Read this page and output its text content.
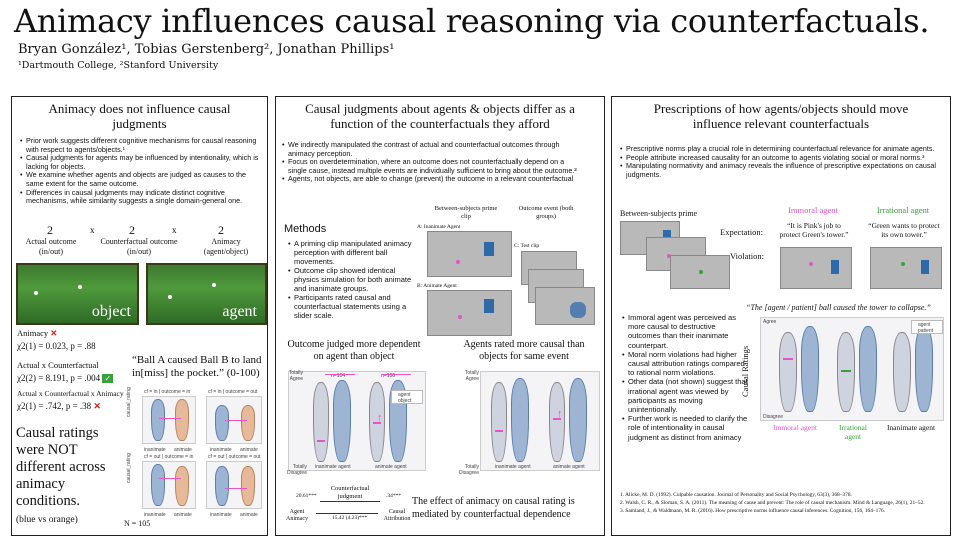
Animacy influences causal reasoning via counterfactuals.
Bryan González¹, Tobias Gerstenberg², Jonathan Phillips¹
¹Dartmouth College, ²Stanford University
Animacy does not influence causal judgments
• Prior work suggests different cognitive mechanisms for causal reasoning with respect to agents/objects.¹
• Causal judgments for agents may be influenced by intentionality, which is lacking for objects.
• We examine whether agents and objects are judged as causes to the same extent for the same outcome.
• Differences in causal judgments may indicate distinct cognitive mechanisms, while similarity suggests a single domain-general one.
2	x	2	x	2
Actual outcome (in/out)
Counterfactual outcome (in/out)
Animacy (agent/object)
object	agent
Animacy ✕
χ2(1) = 0.023, p = .88
Actual x Counterfactual
χ2(2) = 8.191, p = .004 ✓
Actual x Counterfactual x Animacy
χ2(1) = .742, p = .38 ✕
“Ball A caused Ball B to land in[miss] the pocket.” (0-100)
Causal ratings were NOT different across animacy conditions.
(blue vs orange)	N = 105
causal_rating
causal_rating
cf = in | outcome = in	cf = in | outcome = out
inanimate animate	inanimate animate
cf = out | outcome = in	cf = out | outcome = out
inanimate animate	inanimate animate
Causal judgments about agents & objects differ as a function of the counterfactuals they afford
• We indirectly manipulated the contrast of actual and counterfactual outcomes through animacy perception.
• Focus on overdetermination, where an outcome does not counterfactually depend on a single cause, instead multiple events are individually sufficient to bring about the outcome.²
• Agents, not objects, are able to change (prevent) the outcome in a relevant counterfactual
Methods
• A priming clip manipulated animacy perception with different ball movements.
• Outcome clip showed identical physics simulation for both animate and inanimate groups.
• Participants rated causal and counterfactual statements using a slider scale.
Between-subjects prime clip
Outcome event (both groups)
A: Inanimate Agent
B: Animate Agent
C: Test clip
Outcome judged more dependent on agent than object
Agents rated more causal than objects for same event
Totally Agree
Totally Disagree
n=104	n=106
↑
inanimate agent	animate agent
agent
object
Totally Agree
Totally Disagree
↑
inanimate agent	animate agent
Counterfactual judgment
Agent Animacy
Causal Attribution
20.61***	.34***
15.42 (4.23)***
The effect of animacy on causal rating is mediated by counterfactual dependence
Prescriptions of how agents/objects should move influence relevant counterfactuals
• Prescriptive norms play a crucial role in determining counterfactual relevance for animate agents.
• People attribute increased causality for an outcome to agents violating social or moral norms.³
• Manipulating normativity and animacy reveals the influence of prescriptive expectations on causal judgments.
Between-subjects prime	Immoral agent	Irrational agent
Expectation:
Violation:
“It is Pink's job to protect Green's tower.”
“Green wants to protect its own tower.”
• Immoral agent was perceived as more causal to destructive outcomes than their inanimate counterpart.
• Moral norm violations had higher causal attribution ratings compared to rational norm violations.
• Other data (not shown) suggest that irrational agent was viewed by participants as moving unintentionally.
• Further work is needed to clarify the role of intentionality in causal judgment as distinct from animacy
“The [agent / patient] ball caused the tower to collapse.”
Causal Ratings
Agree
Disagree
agent
patient
Immoral agent	Irrational agent
Inanimate agent
1. Alicke, M. D. (1992). Culpable causation. Journal of Personality and Social Psychology, 63(3), 368–378.
2. Walsh, C. R., & Sloman, S. A. (2011). The meaning of cause and prevent: The role of causal mechanism. Mind & Language, 26(1), 21–52.
3. Samland, J., & Waldmann, M. R. (2016). How prescriptive norms influence causal inferences. Cognition, 156, 164–176.
